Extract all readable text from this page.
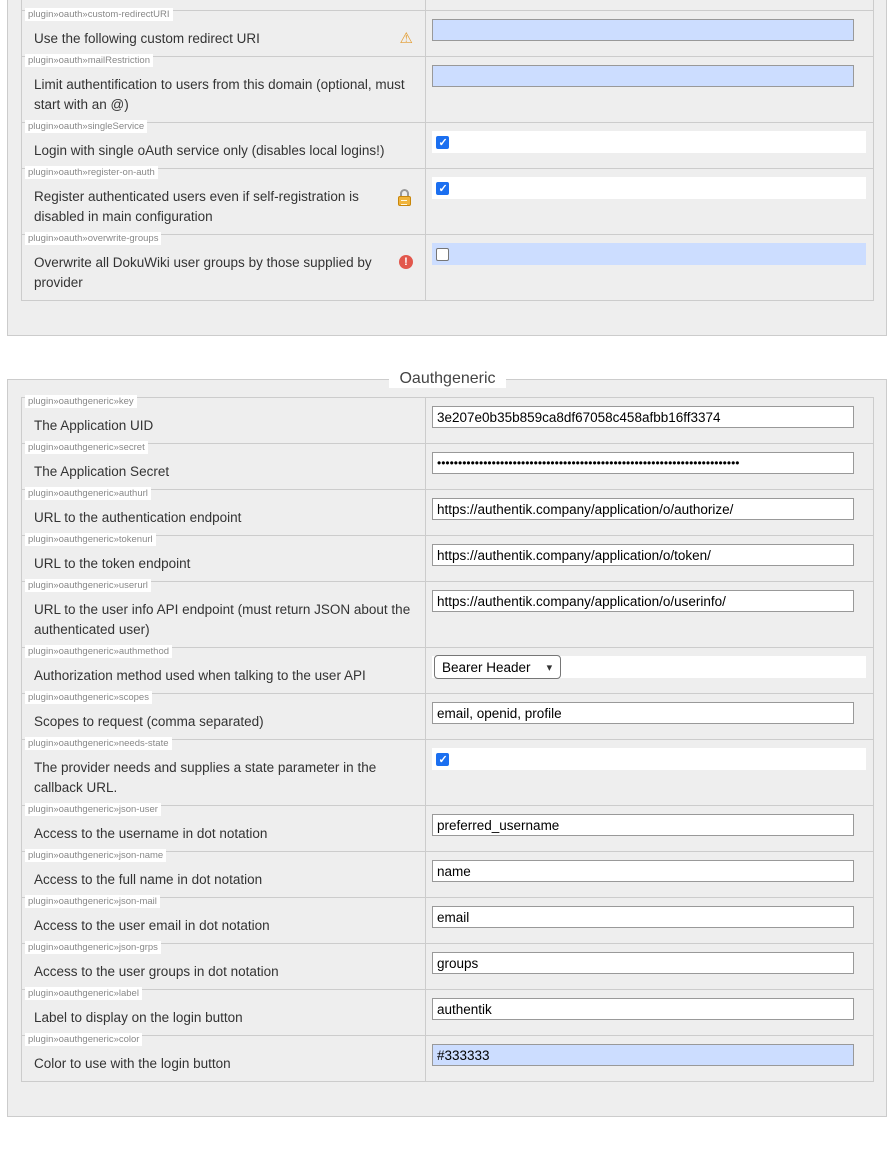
plugin»oauth»custom-redirectURI
Use the following custom redirect URI	⚠
plugin»oauth»mailRestriction
Limit authentification to users from this domain (optional, must start with an @)
plugin»oauth»singleService
Login with single oAuth service only (disables local logins!)
✓
plugin»oauth»register-on-auth
Register authenticated users even if self-registration is disabled in main configuration
✓
plugin»oauth»overwrite-groups
Overwrite all DokuWiki user groups by those supplied by provider
!
Oauthgeneric
plugin»oauthgeneric»key
The Application UID
3e207e0b35b859ca8df67058c458afbb16ff3374
plugin»oauthgeneric»secret
The Application Secret
plugin»oauthgeneric»authurl
URL to the authentication endpoint
https://authentik.company/application/o/authorize/
plugin»oauthgeneric»tokenurl
URL to the token endpoint
https://authentik.company/application/o/token/
plugin»oauthgeneric»userurl
URL to the user info API endpoint (must return JSON about the authenticated user)
https://authentik.company/application/o/userinfo/
plugin»oauthgeneric»authmethod
Authorization method used when talking to the user API
Bearer Header ▾
plugin»oauthgeneric»scopes
Scopes to request (comma separated)
email, openid, profile
plugin»oauthgeneric»needs-state
The provider needs and supplies a state parameter in the callback URL.
✓
plugin»oauthgeneric»json-user
Access to the username in dot notation
preferred_username
plugin»oauthgeneric»json-name
Access to the full name in dot notation
name
plugin»oauthgeneric»json-mail
Access to the user email in dot notation
email
plugin»oauthgeneric»json-grps
Access to the user groups in dot notation
groups
plugin»oauthgeneric»label
Label to display on the login button
authentik
plugin»oauthgeneric»color
Color to use with the login button
#333333
